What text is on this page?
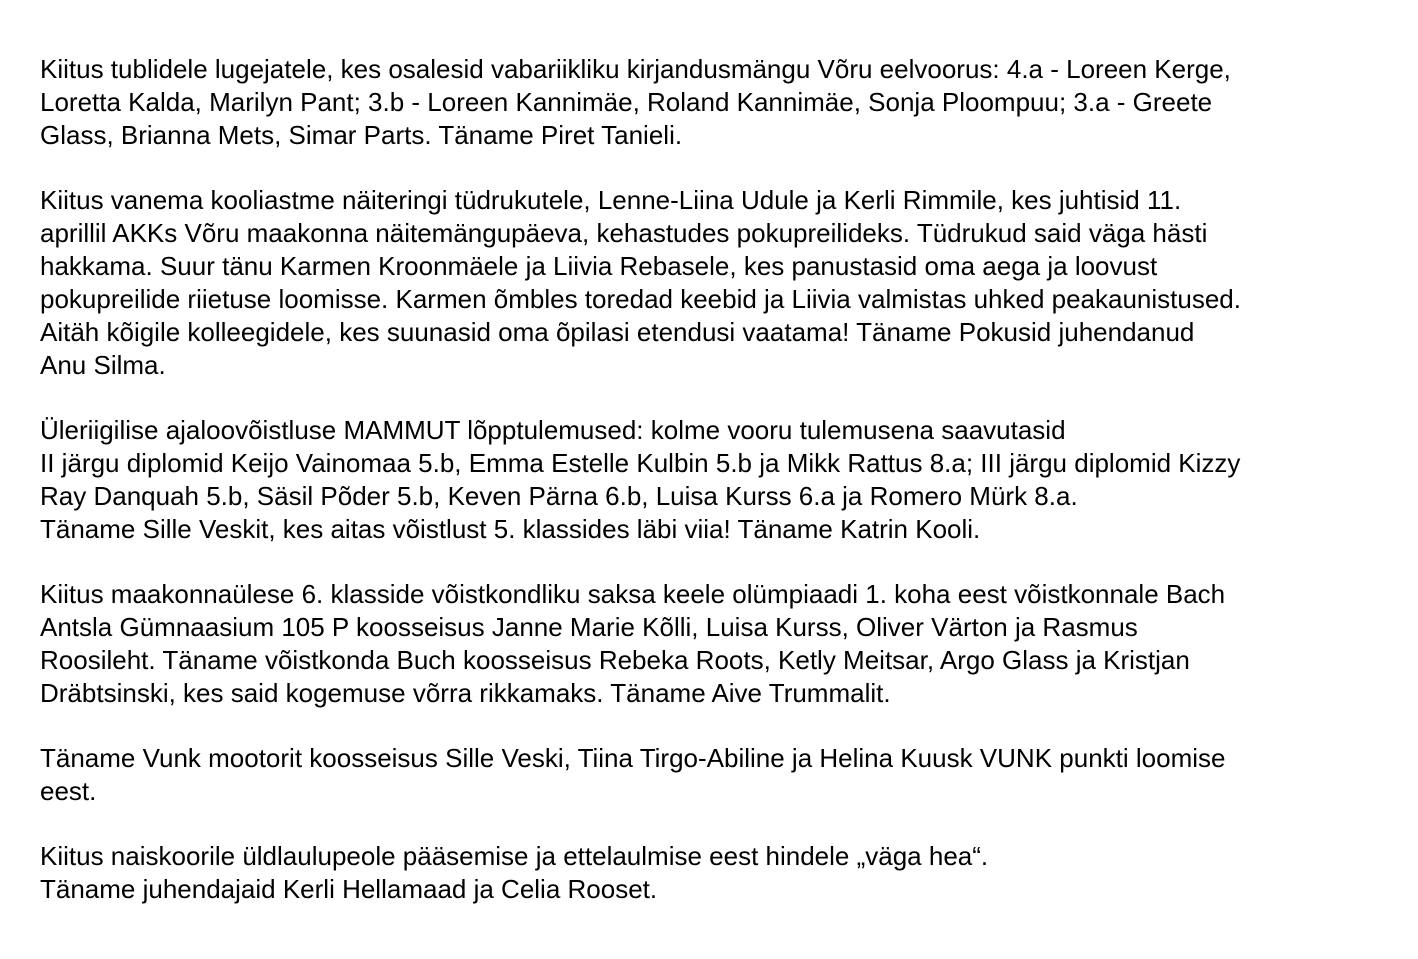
Kiitus tublidele lugejatele, kes osalesid vabariikliku kirjandusmängu Võru eelvoorus: 4.a - Loreen Kerge,
Loretta Kalda, Marilyn Pant; 3.b - Loreen Kannimäe, Roland Kannimäe, Sonja Ploompuu; 3.a - Greete
Glass, Brianna Mets, Simar Parts. Täname Piret Tanieli.

Kiitus vanema kooliastme näiteringi tüdrukutele, Lenne-Liina Udule ja Kerli Rimmile, kes juhtisid 11.
aprillil AKKs Võru maakonna näitemängupäeva, kehastudes pokupreilideks. Tüdrukud said väga hästi
hakkama. Suur tänu Karmen Kroonmäele ja Liivia Rebasele, kes panustasid oma aega ja loovust
pokupreilide riietuse loomisse. Karmen õmbles toredad keebid ja Liivia valmistas uhked peakaunistused.
Aitäh kõigile kolleegidele, kes suunasid oma õpilasi etendusi vaatama! Täname Pokusid juhendanud
Anu Silma.

Üleriigilise ajaloovõistluse MAMMUT lõpptulemused: kolme vooru tulemusena saavutasid
II järgu diplomid Keijo Vainomaa 5.b, Emma Estelle Kulbin 5.b ja Mikk Rattus 8.a; III järgu diplomid Kizzy
Ray Danquah 5.b, Säsil Põder 5.b, Keven Pärna 6.b, Luisa Kurss 6.a ja Romero Mürk 8.a.
Täname Sille Veskit, kes aitas võistlust 5. klassides läbi viia! Täname Katrin Kooli.

Kiitus maakonnaülese 6. klasside võistkondliku saksa keele olümpiaadi 1. koha eest võistkonnale Bach
Antsla Gümnaasium 105 P koosseisus Janne Marie Kõlli, Luisa Kurss, Oliver Värton ja Rasmus
Roosileht. Täname võistkonda Buch koosseisus Rebeka Roots, Ketly Meitsar, Argo Glass ja Kristjan
Dräbtsinski, kes said kogemuse võrra rikkamaks. Täname Aive Trummalit.

Täname Vunk mootorit koosseisus Sille Veski, Tiina Tirgo-Abiline ja Helina Kuusk VUNK punkti loomise
eest.

Kiitus naiskoorile üldlaulupeole pääsemise ja ettelaulmise eest hindele „väga hea“.
Täname juhendajaid Kerli Hellamaad ja Celia Rooset.
